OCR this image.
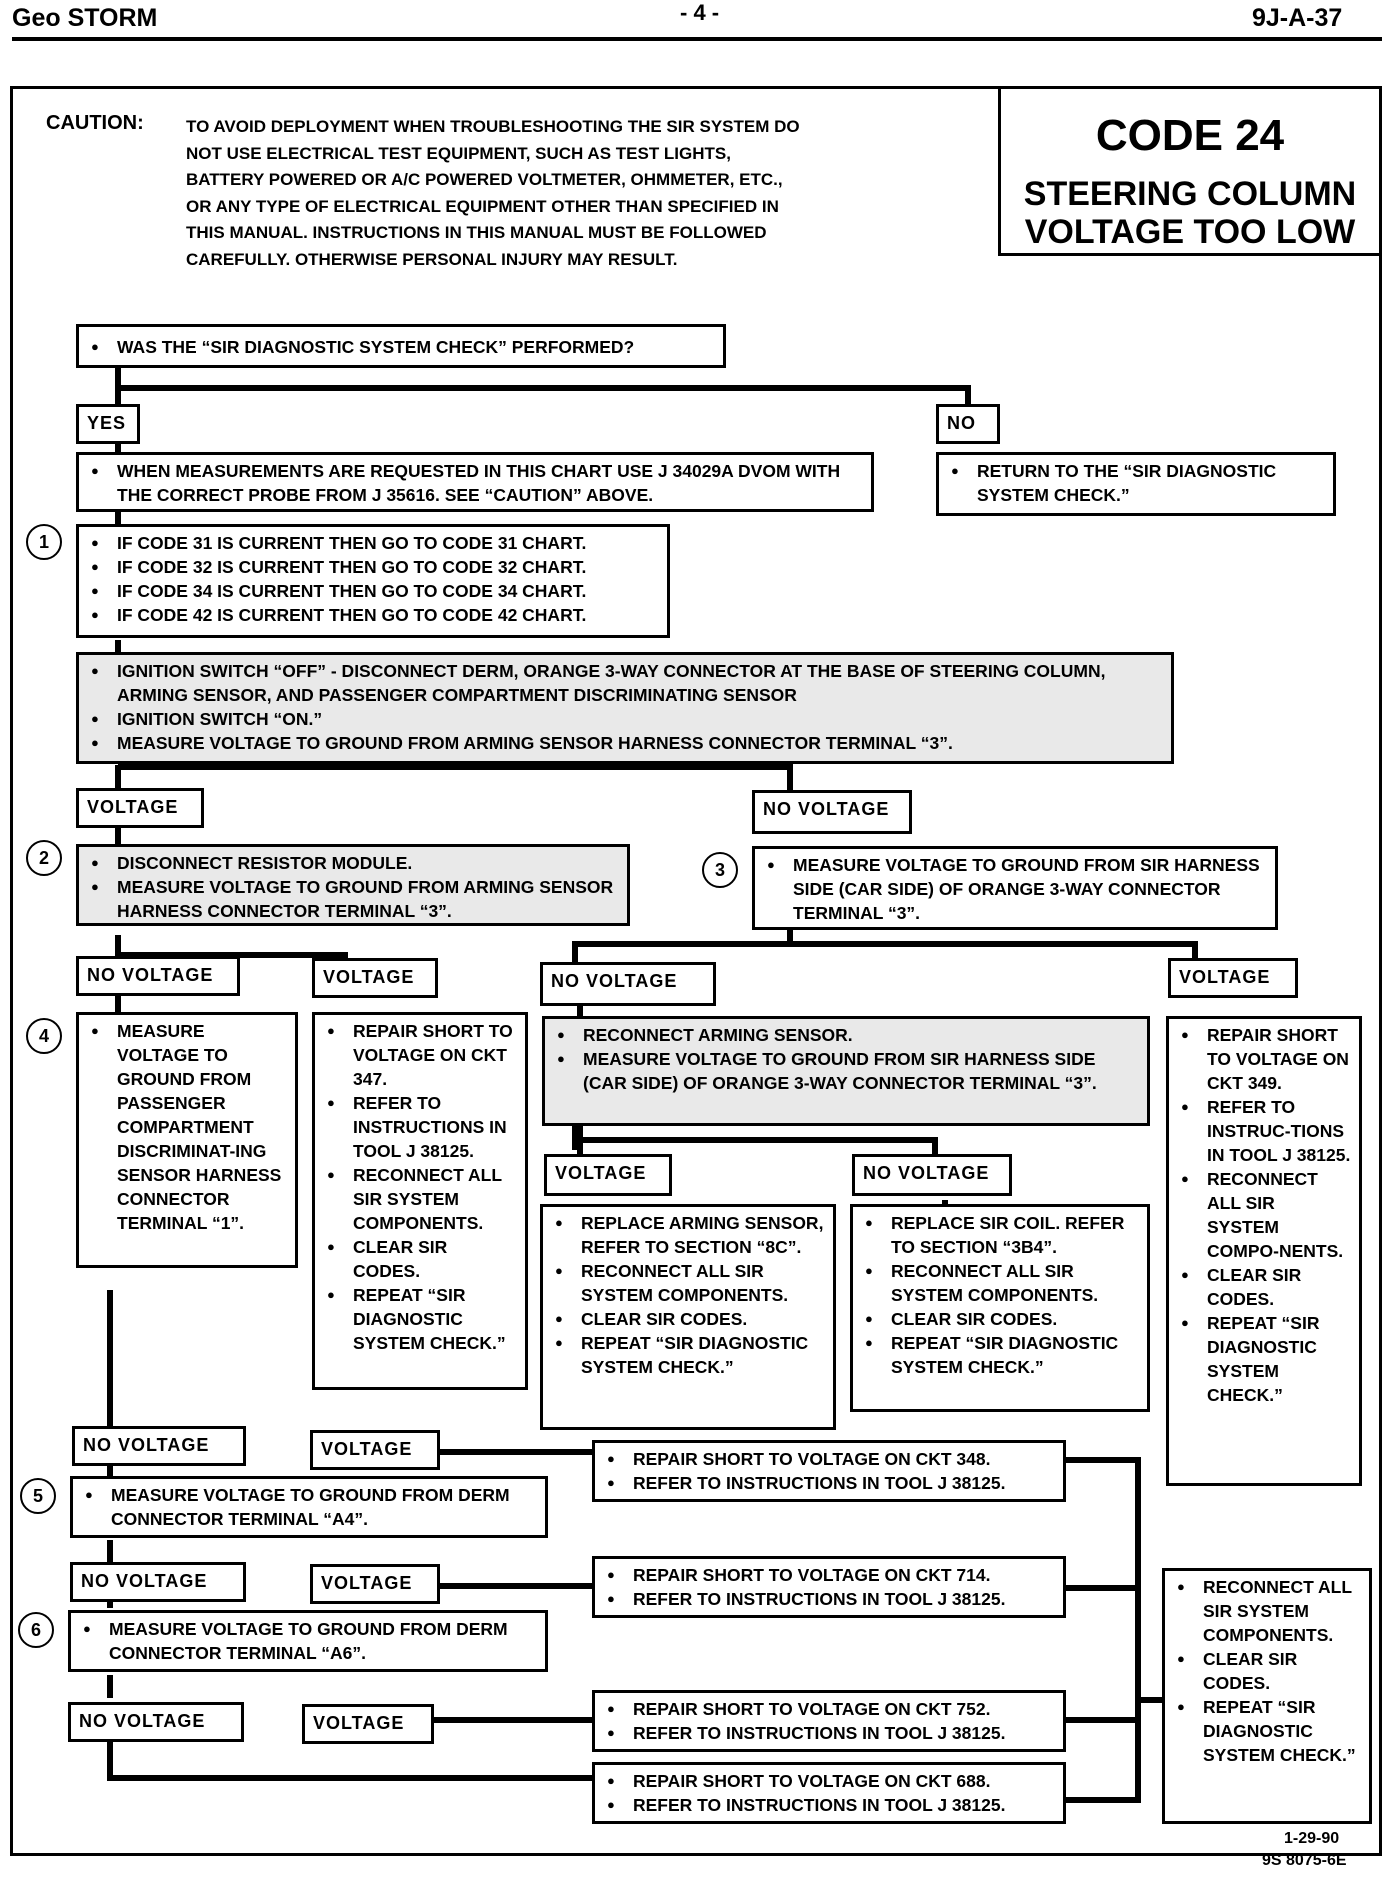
Geo STORM	- 4 -	9J-A-37
CAUTION: TO AVOID DEPLOYMENT WHEN TROUBLESHOOTING THE SIR SYSTEM DO NOT USE ELECTRICAL TEST EQUIPMENT, SUCH AS TEST LIGHTS, BATTERY POWERED OR A/C POWERED VOLTMETER, OHMMETER, ETC., OR ANY TYPE OF ELECTRICAL EQUIPMENT OTHER THAN SPECIFIED IN THIS MANUAL. INSTRUCTIONS IN THIS MANUAL MUST BE FOLLOWED CAREFULLY. OTHERWISE PERSONAL INJURY MAY RESULT.
CODE 24
STEERING COLUMN
VOLTAGE TOO LOW
● WAS THE “SIR DIAGNOSTIC SYSTEM CHECK” PERFORMED?
YES	NO
● WHEN MEASUREMENTS ARE REQUESTED IN THIS CHART USE J 34029A DVOM WITH THE CORRECT PROBE FROM J 35616. SEE “CAUTION” ABOVE.
● RETURN TO THE “SIR DIAGNOSTIC SYSTEM CHECK.”
1	● IF CODE 31 IS CURRENT THEN GO TO CODE 31 CHART.
● IF CODE 32 IS CURRENT THEN GO TO CODE 32 CHART.
● IF CODE 34 IS CURRENT THEN GO TO CODE 34 CHART.
● IF CODE 42 IS CURRENT THEN GO TO CODE 42 CHART.
● IGNITION SWITCH “OFF” - DISCONNECT DERM, ORANGE 3-WAY CONNECTOR AT THE BASE OF STEERING COLUMN, ARMING SENSOR, AND PASSENGER COMPARTMENT DISCRIMINATING SENSOR
● IGNITION SWITCH “ON.”
● MEASURE VOLTAGE TO GROUND FROM ARMING SENSOR HARNESS CONNECTOR TERMINAL “3”.
VOLTAGE	NO VOLTAGE
2	● DISCONNECT RESISTOR MODULE.
● MEASURE VOLTAGE TO GROUND FROM ARMING SENSOR HARNESS CONNECTOR TERMINAL “3”.
3	● MEASURE VOLTAGE TO GROUND FROM SIR HARNESS SIDE (CAR SIDE) OF ORANGE 3-WAY CONNECTOR TERMINAL “3”.
NO VOLTAGE	VOLTAGE	NO VOLTAGE	VOLTAGE
4	● MEASURE VOLTAGE TO GROUND FROM PASSENGER COMPARTMENT DISCRIMINAT-ING SENSOR HARNESS CONNECTOR TERMINAL “1”.
● REPAIR SHORT TO VOLTAGE ON CKT 347.
● REFER TO INSTRUCTIONS IN TOOL J 38125.
● RECONNECT ALL SIR SYSTEM COMPONENTS.
● CLEAR SIR CODES.
● REPEAT “SIR DIAGNOSTIC SYSTEM CHECK.”
● RECONNECT ARMING SENSOR.
● MEASURE VOLTAGE TO GROUND FROM SIR HARNESS SIDE (CAR SIDE) OF ORANGE 3-WAY CONNECTOR TERMINAL “3”.
● REPAIR SHORT TO VOLTAGE ON CKT 349.
● REFER TO INSTRUC-TIONS IN TOOL J 38125.
● RECONNECT ALL SIR SYSTEM COMPO-NENTS.
● CLEAR SIR CODES.
● REPEAT “SIR DIAGNOSTIC SYSTEM CHECK.”
VOLTAGE	NO VOLTAGE
● REPLACE ARMING SENSOR, REFER TO SECTION “8C”.
● RECONNECT ALL SIR SYSTEM COMPONENTS.
● CLEAR SIR CODES.
● REPEAT “SIR DIAGNOSTIC SYSTEM CHECK.”
● REPLACE SIR COIL. REFER TO SECTION “3B4”.
● RECONNECT ALL SIR SYSTEM COMPONENTS.
● CLEAR SIR CODES.
● REPEAT “SIR DIAGNOSTIC SYSTEM CHECK.”
NO VOLTAGE	VOLTAGE	● REPAIR SHORT TO VOLTAGE ON CKT 348.
● REFER TO INSTRUCTIONS IN TOOL J 38125.
5	● MEASURE VOLTAGE TO GROUND FROM DERM CONNECTOR TERMINAL “A4”.
NO VOLTAGE	VOLTAGE	● REPAIR SHORT TO VOLTAGE ON CKT 714.
● REFER TO INSTRUCTIONS IN TOOL J 38125.
6	● MEASURE VOLTAGE TO GROUND FROM DERM CONNECTOR TERMINAL “A6”.
NO VOLTAGE	VOLTAGE
● REPAIR SHORT TO VOLTAGE ON CKT 752.
● REFER TO INSTRUCTIONS IN TOOL J 38125.
● REPAIR SHORT TO VOLTAGE ON CKT 688.
● REFER TO INSTRUCTIONS IN TOOL J 38125.
● RECONNECT ALL SIR SYSTEM COMPONENTS.
● CLEAR SIR CODES.
● REPEAT “SIR DIAGNOSTIC SYSTEM CHECK.”
1-29-90
9S 8075-6E
